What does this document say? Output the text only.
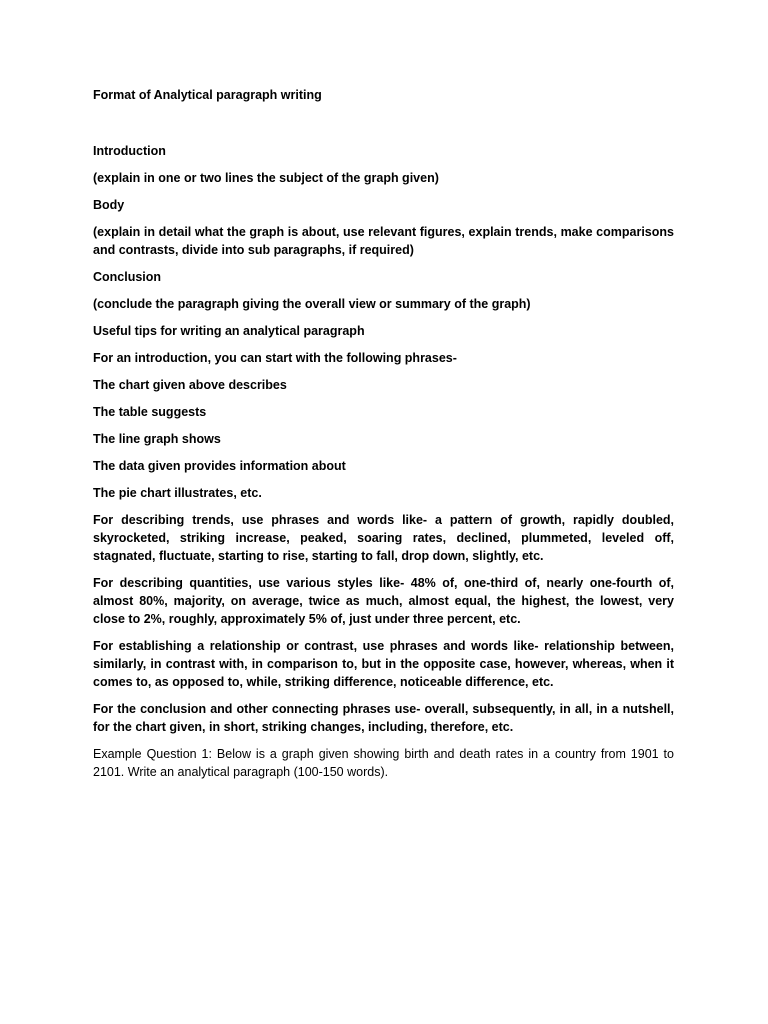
Format of Analytical paragraph writing

Introduction

(explain in one or two lines the subject of the graph given)

Body

(explain in detail what the graph is about, use relevant figures, explain trends, make comparisons and contrasts, divide into sub paragraphs, if required)

Conclusion

(conclude the paragraph giving the overall view or summary of the graph)

Useful tips for writing an analytical paragraph

For an introduction, you can start with the following phrases-

The chart given above describes

The table suggests

The line graph shows

The data given provides information about

The pie chart illustrates, etc.

For describing trends, use phrases and words like- a pattern of growth, rapidly doubled, skyrocketed, striking increase, peaked, soaring rates, declined, plummeted, leveled off, stagnated, fluctuate, starting to rise, starting to fall, drop down, slightly, etc.

For describing quantities, use various styles like- 48% of, one-third of, nearly one-fourth of, almost 80%, majority, on average, twice as much, almost equal, the highest, the lowest, very close to 2%, roughly, approximately 5% of, just under three percent, etc.

For establishing a relationship or contrast, use phrases and words like- relationship between, similarly, in contrast with, in comparison to, but in the opposite case, however, whereas, when it comes to, as opposed to, while, striking difference, noticeable difference, etc.

For the conclusion and other connecting phrases use- overall, subsequently, in all, in a nutshell, for the chart given, in short, striking changes, including, therefore, etc.

Example Question 1: Below is a graph given showing birth and death rates in a country from 1901 to 2101. Write an analytical paragraph (100-150 words).
